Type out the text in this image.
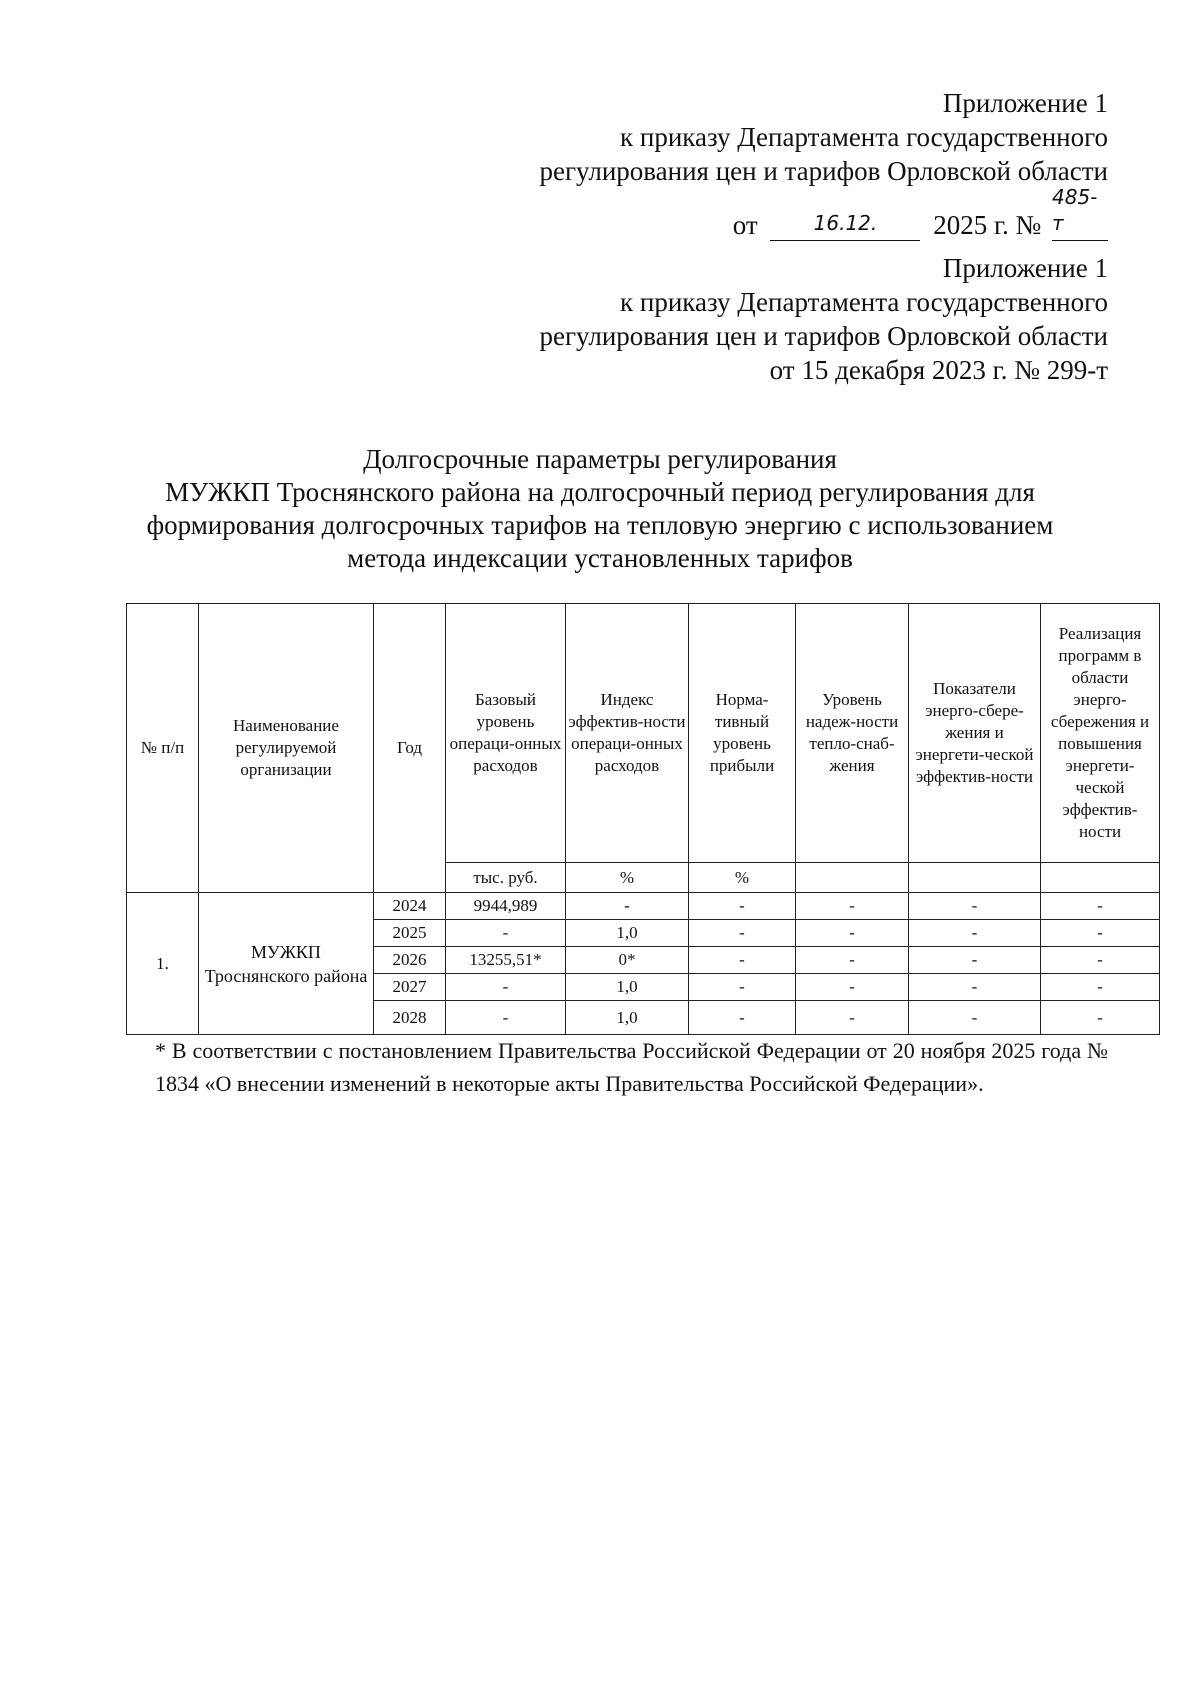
Приложение 1
к приказу Департамента государственного
регулирования цен и тарифов Орловской области
от	16.12. 2025 г. № 485-т
Приложение 1
к приказу Департамента государственного
регулирования цен и тарифов Орловской области
от 15 декабря 2023 г. № 299-т
Долгосрочные параметры регулирования
МУЖКП Троснянского района на долгосрочный период регулирования для
формирования долгосрочных тарифов на тепловую энергию с использованием
метода индексации установленных тарифов
№ п/п	Наименование регулируемой организации	Год	Базовый уровень операци-онных расходов	Индекс эффектив-ности операци-онных расходов	Норма-тивный уровень прибыли	Уровень надеж-ности тепло-снаб-жения	Показатели энерго-сбере-жения и энергети-ческой эффектив-ности	Реализация программ в области энерго-сбережения и повышения энергети-ческой эффектив-ности
			тыс. руб.	%	%			
1.	МУЖКП Троснянского района	2024	9944,989	-	-	-	-	-
		2025	-	1,0	-	-	-	-
		2026	13255,51*	0*	-	-	-	-
		2027	-	1,0	-	-	-	-
		2028	-	1,0	-	-	-	-
* В соответствии с постановлением Правительства Российской Федерации от 20 ноября 2025 года № 1834 «О внесении изменений в некоторые акты Правительства Российской Федерации».
